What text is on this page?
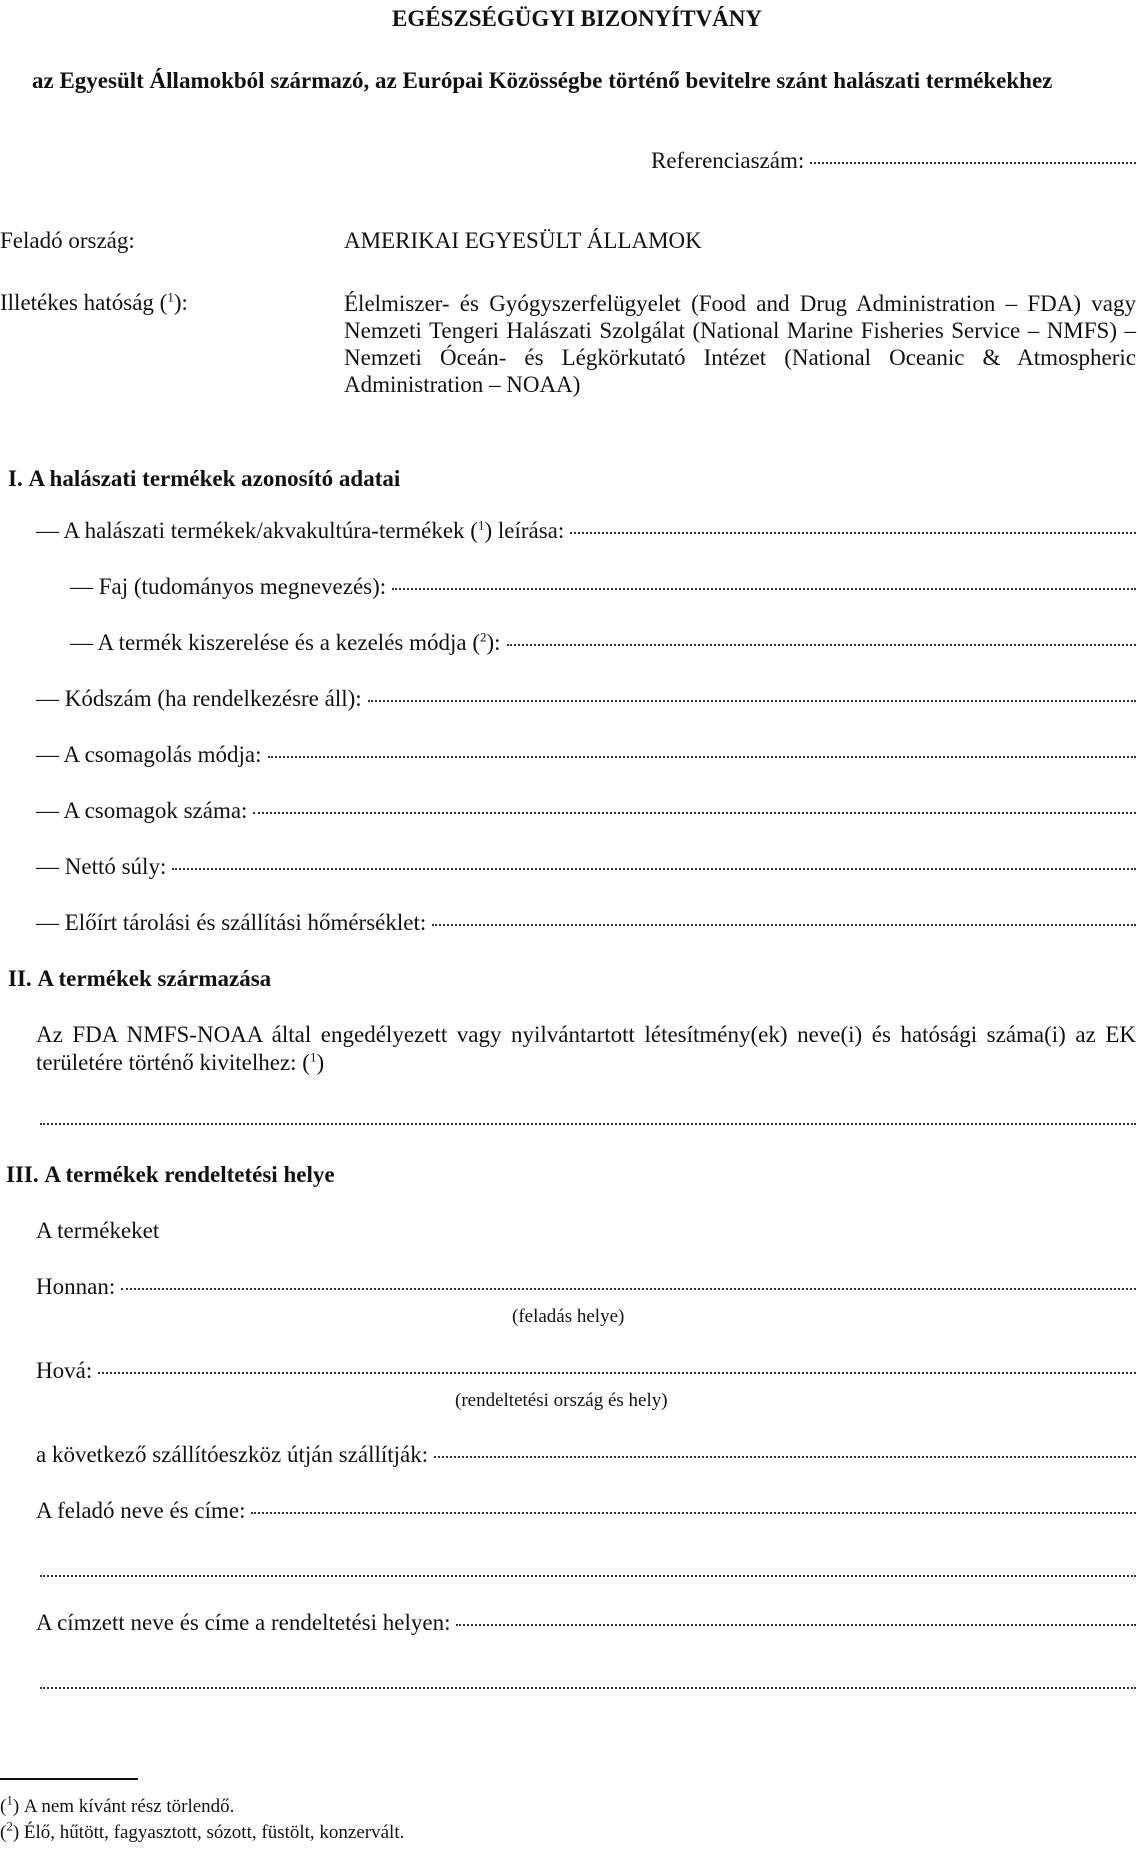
EGÉSZSÉGÜGYI BIZONYÍTVÁNY
az Egyesült Államokból származó, az Európai Közösségbe történő bevitelre szánt halászati termékekhez
Referenciaszám:
Feladó ország:	AMERIKAI EGYESÜLT ÁLLAMOK
Illetékes hatóság ($^1$):	Élelmiszer- és Gyógyszerfelügyelet (Food and Drug Administration – FDA) vagy Nemzeti Tengeri Halászati Szolgálat (National Marine Fisheries Service – NMFS) – Nemzeti Óceán- és Légkörkutató Intézet (National Oceanic & Atmospheric Administration – NOAA)
I. A halászati termékek azonosító adatai
— A halászati termékek/akvakultúra-termékek ($^1$) leírása:
— Faj (tudományos megnevezés):
— A termék kiszerelése és a kezelés módja ($^2$):
— Kódszám (ha rendelkezésre áll):
— A csomagolás módja:
— A csomagok száma:
— Nettó súly:
— Előírt tárolási és szállítási hőmérséklet:
II. A termékek származása
Az FDA NMFS-NOAA által engedélyezett vagy nyilvántartott létesítmény(ek) neve(i) és hatósági száma(i) az EK területére történő kivitelhez: ($^1$)
III. A termékek rendeltetési helye
A termékeket
Honnan:
(feladás helye)
Hová:
(rendeltetési ország és hely)
a következő szállítóeszköz útján szállítják:
A feladó neve és címe:
A címzett neve és címe a rendeltetési helyen:
($^1$) A nem kívánt rész törlendő.
($^2$) Élő, hűtött, fagyasztott, sózott, füstölt, konzervált.
